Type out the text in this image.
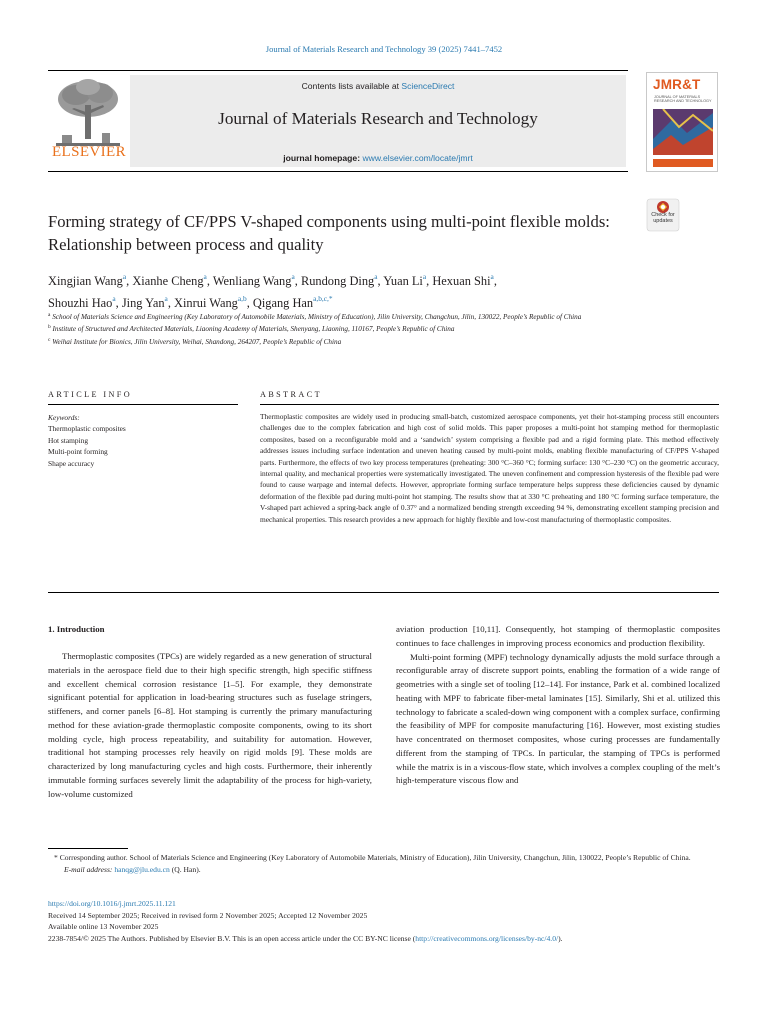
Journal of Materials Research and Technology 39 (2025) 7441–7452
ELSEVIER
Contents lists available at ScienceDirect
Journal of Materials Research and Technology
journal homepage: www.elsevier.com/locate/jmrt
JMR&T
JOURNAL OF MATERIALS RESEARCH AND TECHNOLOGY
Check for updates
Forming strategy of CF/PPS V-shaped components using multi-point flexible molds: Relationship between process and quality
Xingjian Wang$^a$, Xianhe Cheng$^a$, Wenliang Wang$^a$, Rundong Ding$^a$, Yuan Li$^a$, Hexuan Shi$^a$,
Shouzhi Hao$^a$, Jing Yan$^a$, Xinrui Wang$^{a,b}$, Qigang Han$^{a,b,c,*}$
$^a$ School of Materials Science and Engineering (Key Laboratory of Automobile Materials, Ministry of Education), Jilin University, Changchun, Jilin, 130022, People’s Republic of China
$^b$ Institute of Structured and Architected Materials, Liaoning Academy of Materials, Shenyang, Liaoning, 110167, People’s Republic of China
$^c$ Weihai Institute for Bionics, Jilin University, Weihai, Shandong, 264207, People’s Republic of China
ARTICLE INFO	ABSTRACT
Keywords:
Thermoplastic composites
Hot stamping
Multi-point forming
Shape accuracy
Thermoplastic composites are widely used in producing small-batch, customized aerospace components, yet their hot-stamping process still encounters challenges due to the complex fabrication and high cost of solid molds. This paper proposes a multi-point hot stamping method for thermoplastic composites, based on a reconfigurable mold and a ‘sandwich’ system comprising a flexible pad and a rigid forming plate. This method effectively addresses issues including surface indentation and uneven heating caused by multi-point molds, enabling flexible manufacturing of CF/PPS V-shaped parts. Furthermore, the effects of two key process temperatures (preheating: 300 °C–360 °C; forming surface: 130 °C–230 °C) on the geometric accuracy, internal quality, and mechanical properties were systematically investigated. The uneven confinement and compression hysteresis of the flexible pad were found to cause warpage and internal defects. However, appropriate forming surface temperature helps suppress these deficiencies caused by dynamic deformation of the flexible pad during multi-point hot stamping. The results show that at 330 °C preheating and 180 °C forming surface temperature, the V-shaped part achieved a spring-back angle of 0.37° and a normalized bending strength exceeding 94 %, demonstrating excellent stamping precision and mechanical properties. This research provides a new approach for highly flexible and low-cost manufacturing of thermoplastic composites.
1. Introduction

Thermoplastic composites (TPCs) are widely regarded as a new generation of structural materials in the aerospace field due to their high specific strength, high specific stiffness and excellent chemical corrosion resistance [1–5]. For example, they demonstrate significant potential for application in load-bearing structures such as fuselage stringers, stiffeners, and corner panels [6–8]. Hot stamping is currently the primary manufacturing method for these aviation-grade thermoplastic composite components, owing to its short molding cycle, high process repeatability, and suitability for automation. However, traditional hot stamping processes rely heavily on rigid molds [9]. These molds are characterized by long manufacturing cycles and high costs. Furthermore, their inherently immutable forming surfaces severely limit the adaptability of the process for high-variety, low-volume customized

aviation production [10,11]. Consequently, hot stamping of thermoplastic composites continues to face challenges in improving process economics and production flexibility.

Multi-point forming (MPF) technology dynamically adjusts the mold surface through a reconfigurable array of discrete support points, enabling the formation of a wide range of geometries with a single set of tooling [12–14]. For instance, Park et al. combined localized heating with MPF to fabricate fiber-metal laminates [15]. Similarly, Shi et al. utilized this technology to fabricate a scaled-down wing component with a complex surface, confirming the feasibility of MPF for composite manufacturing [16]. However, most existing studies have concentrated on thermoset composites, whose curing processes are fundamentally different from the stamping of TPCs. In particular, the stamping of TPCs is performed while the matrix is in a viscous-flow state, which involves a complex coupling of the melt’s high-temperature viscous flow and

* Corresponding author. School of Materials Science and Engineering (Key Laboratory of Automobile Materials, Ministry of Education), Jilin University, Changchun, Jilin, 130022, People’s Republic of China.
E-mail address: hanqg@jlu.edu.cn (Q. Han).
https://doi.org/10.1016/j.jmrt.2025.11.121
Received 14 September 2025; Received in revised form 2 November 2025; Accepted 12 November 2025
Available online 13 November 2025
2238-7854/© 2025 The Authors. Published by Elsevier B.V. This is an open access article under the CC BY-NC license (http://creativecommons.org/licenses/by-nc/4.0/).
